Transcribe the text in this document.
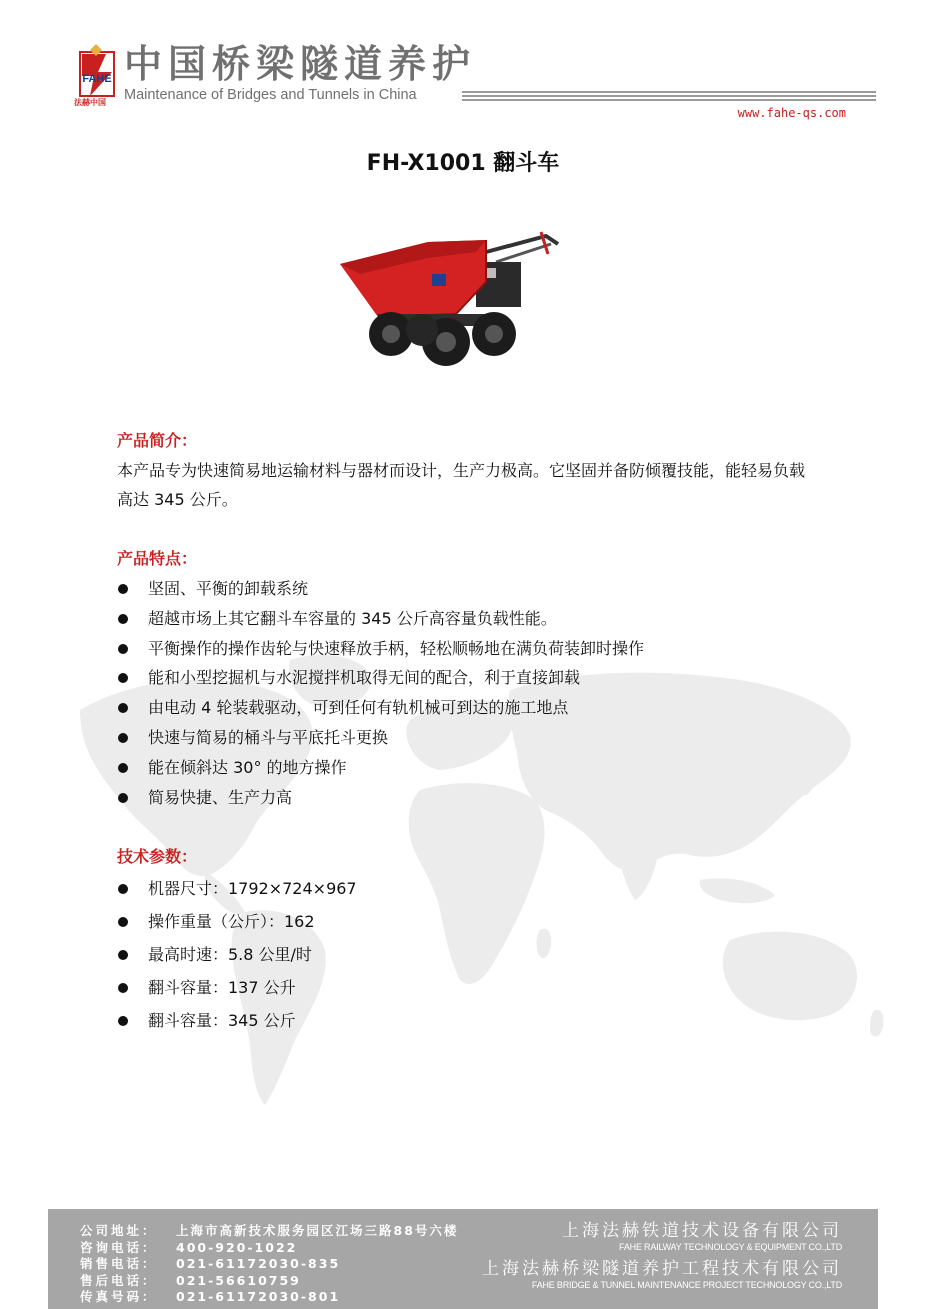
FAHE
法赫中国
中国桥梁隧道养护
Maintenance of Bridges and Tunnels in China
www.fahe-qs.com
FH-X1001 翻斗车

产品简介：

本产品专为快速简易地运输材料与器材而设计，生产力极高。它坚固并备防倾覆技能，能轻易负载高达 345 公斤。

产品特点：

坚固、平衡的卸载系统
超越市场上其它翻斗车容量的 345 公斤高容量负载性能。
平衡操作的操作齿轮与快速释放手柄，轻松顺畅地在满负荷装卸时操作
能和小型挖掘机与水泥搅拌机取得无间的配合，利于直接卸载
由电动 4 轮装载驱动，可到任何有轨机械可到达的施工地点
快速与简易的桶斗与平底托斗更换
能在倾斜达 30° 的地方操作
简易快捷、生产力高

技术参数：

机器尺寸：1792×724×967
操作重量（公斤）：162
最高时速：5.8 公里/时
翻斗容量：137 公升
翻斗容量：345 公斤
公司地址： 上海市高新技术服务园区江场三路88号六楼
咨询电话： 400-920-1022
销售电话： 021-61172030-835
售后电话： 021-56610759
传真号码： 021-61172030-801
上海法赫铁道技术设备有限公司
FAHE RAILWAY TECHNOLOGY & EQUIPMENT CO.,LTD
上海法赫桥梁隧道养护工程技术有限公司
FAHE BRIDGE & TUNNEL MAINTENANCE PROJECT TECHNOLOGY CO.,LTD
